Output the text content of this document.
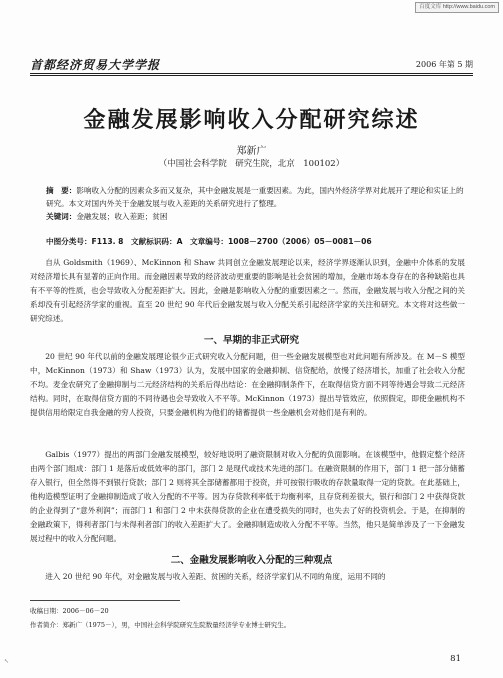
百度文库 http://www.baidu.com
首都经济贸易大学学报	2006 年第 5 期
金融发展影响收入分配研究综述
郑新广
（中国社会科学院　研究生院，北京　100102）
摘　要：影响收入分配的因素众多而又复杂，其中金融发展是一重要因素。为此，国内外经济学界对此展开了理论和实证上的研究。本文对国内外关于金融发展与收入差距的关系研究进行了整理。
关键词：金融发展；收入差距；贫困
中图分类号：F113. 8　文献标识码：A　文章编号：1008－2700（2006）05－0081－06
自从 Goldsmith（1969）、McKinnon 和 Shaw 共同创立金融发展理论以来，经济学界逐渐认识到，金融中介体系的发展对经济增长具有显著的正向作用。而金融因素导致的经济波动更重要的影响是社会贫困的增加，金融市场本身存在的各种缺陷也具有不平等的性质，也会导致收入分配差距扩大。因此，金融是影响收入分配的重要因素之一。然而，金融发展与收入分配之间的关系却没有引起经济学家的重视。直至 20 世纪 90 年代后金融发展与收入分配关系引起经济学家的关注和研究。本文将对这些做一研究综述。
一、早期的非正式研究
20 世纪 90 年代以前的金融发展理论很少正式研究收入分配问题，但一些金融发展模型也对此问题有所涉及。在 M－S 模型中，McKinnon（1973）和 Shaw（1973）认为，发展中国家的金融抑制、信贷配给，放慢了经济增长，加重了社会收入分配不均。麦金农研究了金融抑制与二元经济结构的关系后得出结论：在金融抑制条件下，在取得信贷方面不同等待遇会导致二元经济结构。同时，在取得信贷方面的不同待遇也会导致收入不平等。McKinnon（1973）提出导管效应，依照假定，即使金融机构不提供信用给限定自我金融的穷人投资，只要金融机构为他们的储蓄提供一些金融机会对他们是有利的。
Galbis（1977）提出的两部门金融发展模型，较好地说明了融资限制对收入分配的负面影响。在该模型中，他假定整个经济由两个部门组成：部门 1 是落后或低效率的部门，部门 2 是现代或技术先进的部门。在融资限制的作用下，部门 1 把一部分储蓄存入银行，但全然得不到银行贷款；部门 2 则将其全部储蓄都用于投资，并可按银行吸收的存款量取得一定的贷款。在此基础上，他构造模型证明了金融抑制造成了收入分配的不平等。因为存贷款利率低于均衡利率，且存贷利差很大，银行和部门 2 中获得贷款的企业得到了“意外利润”；而部门 1 和部门 2 中未获得贷款的企业在遭受损失的同时，也失去了好的投资机会。于是，在抑制的金融政策下，得利者部门与未得利者部门的收入差距扩大了。金融抑制造成收入分配不平等。当然，他只是简单涉及了一下金融发展过程中的收入分配问题。
二、金融发展影响收入分配的三种观点
进入 20 世纪 90 年代，对金融发展与收入差距、贫困的关系，经济学家们从不同的角度，运用不同的
收稿日期：2006－06－20
作者简介：郑新广（1975－），男，中国社会科学院研究生院数量经济学专业博士研究生。
81
↖
